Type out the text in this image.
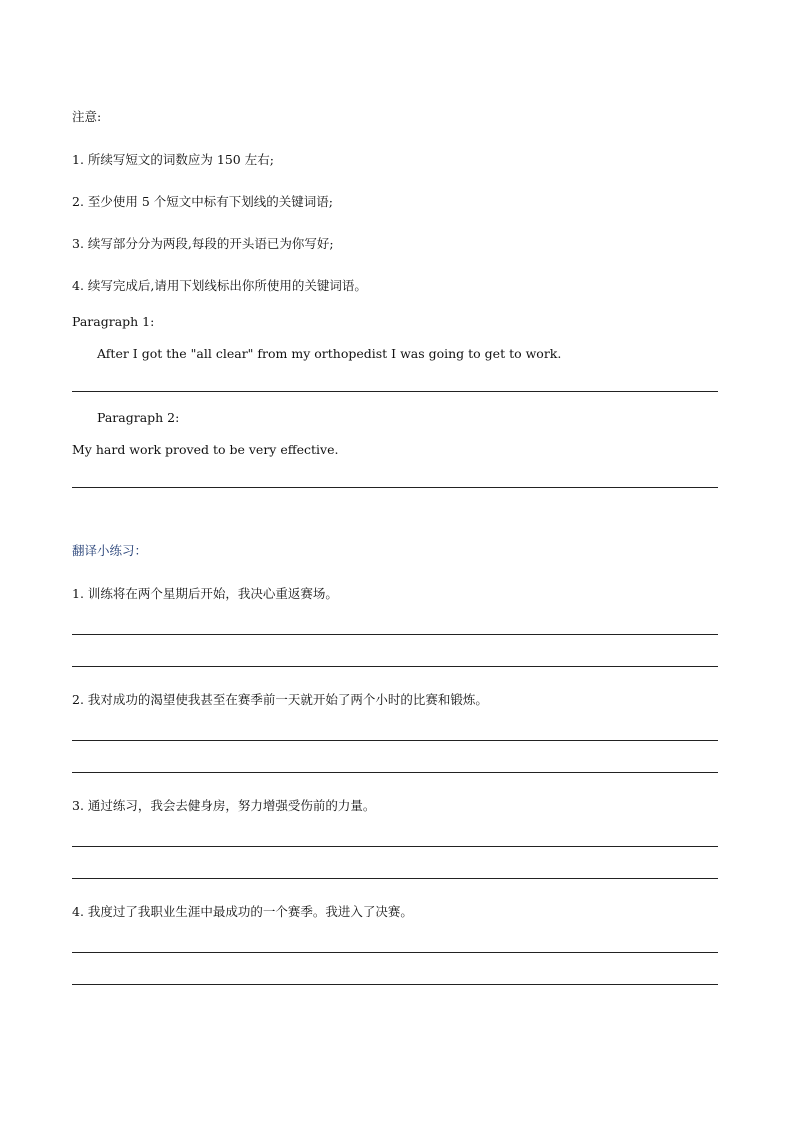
注意:
1. 所续写短文的词数应为 150 左右;
2. 至少使用 5 个短文中标有下划线的关键词语;
3. 续写部分分为两段,每段的开头语已为你写好;
4. 续写完成后,请用下划线标出你所使用的关键词语。
Paragraph 1:
After I got the "all clear" from my orthopedist I was going to get to work.
Paragraph 2:
My hard work proved to be very effective.
翻译小练习：
1. 训练将在两个星期后开始，我决心重返赛场。
2. 我对成功的渴望使我甚至在赛季前一天就开始了两个小时的比赛和锻炼。
3. 通过练习，我会去健身房，努力增强受伤前的力量。
4. 我度过了我职业生涯中最成功的一个赛季。我进入了决赛。
